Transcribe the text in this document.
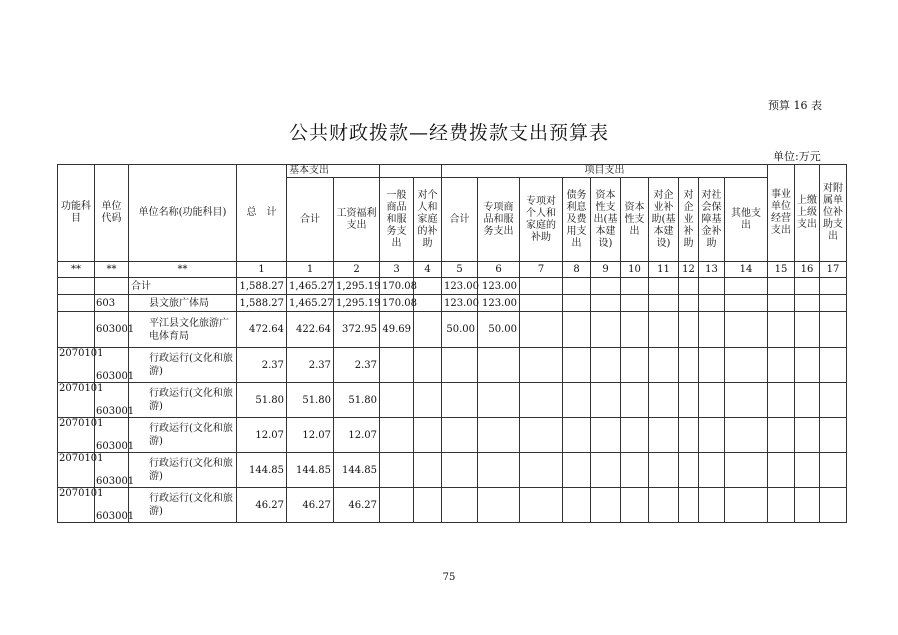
预算 16 表
公共财政拨款—经费拨款支出预算表
单位:万元
功能科目	单位代码	单位名称(功能科目)	总　计	基本支出				项目支出										事业单位经营支出	上缴上级支出	对附属单位补助支出
				合计	工资福利支出	一般商品和服务支出	对个人和家庭的补助	合计	专项商品和服务支出	专项对个人和家庭的补助	债务利息及费用支出	资本性支出(基本建设)	资本性支出	对企业补助(基本建设)	对企业补助	对社会保障基金补助	其他支出			
**	**	**	1	1	2	3	4	5	6	7	8	9	10	11	12	13	14	15	16	17
		合计	1,588.27	1,465.27	1,295.19	170.08		123.00	123.00											
	603	县文旅广体局	1,588.27	1,465.27	1,295.19	170.08		123.00	123.00											
	603001	平江县文化旅游广电体育局	472.64	422.64	372.95	49.69		50.00	50.00											
2070101	603001	行政运行(文化和旅游)	2.37	2.37	2.37															
2070101	603001	行政运行(文化和旅游)	51.80	51.80	51.80															
2070101	603001	行政运行(文化和旅游)	12.07	12.07	12.07															
2070101	603001	行政运行(文化和旅游)	144.85	144.85	144.85															
2070101	603001	行政运行(文化和旅游)	46.27	46.27	46.27															
75
